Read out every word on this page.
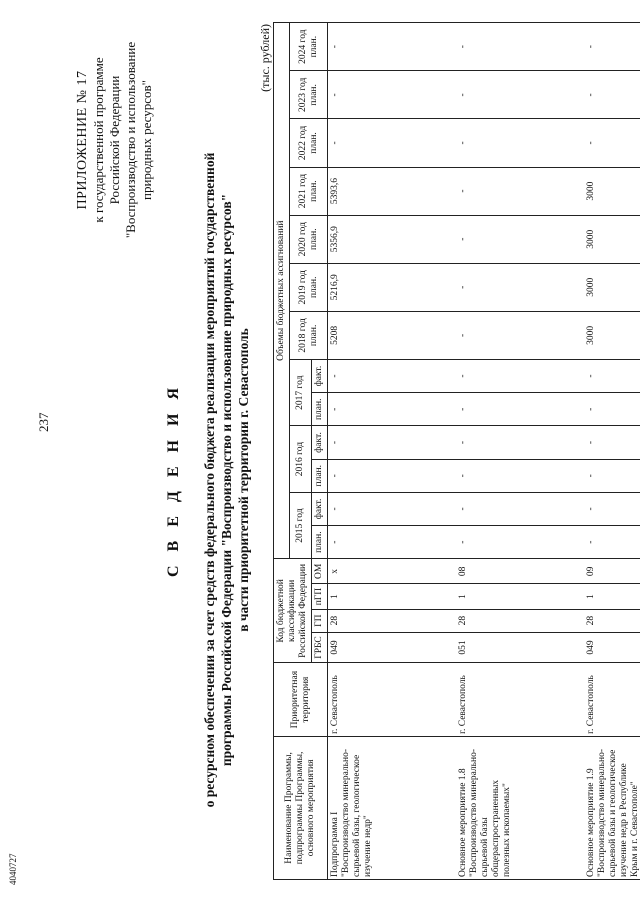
237
4040727
ПРИЛОЖЕНИЕ № 17 к государственной программе Российской Федерации "Воспроизводство и использование природных ресурсов"
С В Е Д Е Н И Я о ресурсном обеспечении за счет средств федерального бюджета реализации мероприятий государственной программы Российской Федерации "Воспроизводство и использование природных ресурсов" в части приоритетной территории г. Севастополь
(тыс. рублей)
Наименование Программы, подпрограммы Программы, основного мероприятия	Приоритетная территория	Код бюджетной классификации Российской Федерации				Объемы бюджетных ассигнований												
						2015 год		2016 год		2017 год		2018 год план.	2019 год план.	2020 год план.	2021 год план.	2022 год план.	2023 год план.	2024 год план.
		ГРБС	ГП	пГП	ОМ	план.	факт.	план.	факт.	план.	факт.							
Подпрограмма I "Воспроизводство минерально-сырьевой базы, геологическое изучение недр"	г. Севастополь	049	28	1	х	-	-	-	-	-	-	5208	5216,9	5356,9	5393,6	-	-	-
Основное мероприятие 1.8 "Воспроизводство минерально-сырьевой базы общераспространенных полезных ископаемых"	г. Севастополь	051	28	1	08	-	-	-	-	-	-	-	-	-	-	-	-	-
Основное мероприятие 1.9 "Воспроизводство минерально-сырьевой базы и геологическое изучение недр в Республике Крым и г. Севастополе"	г. Севастополь	049	28	1	09	-	-	-	-	-	-	3000	3000	3000	3000	-	-	-
